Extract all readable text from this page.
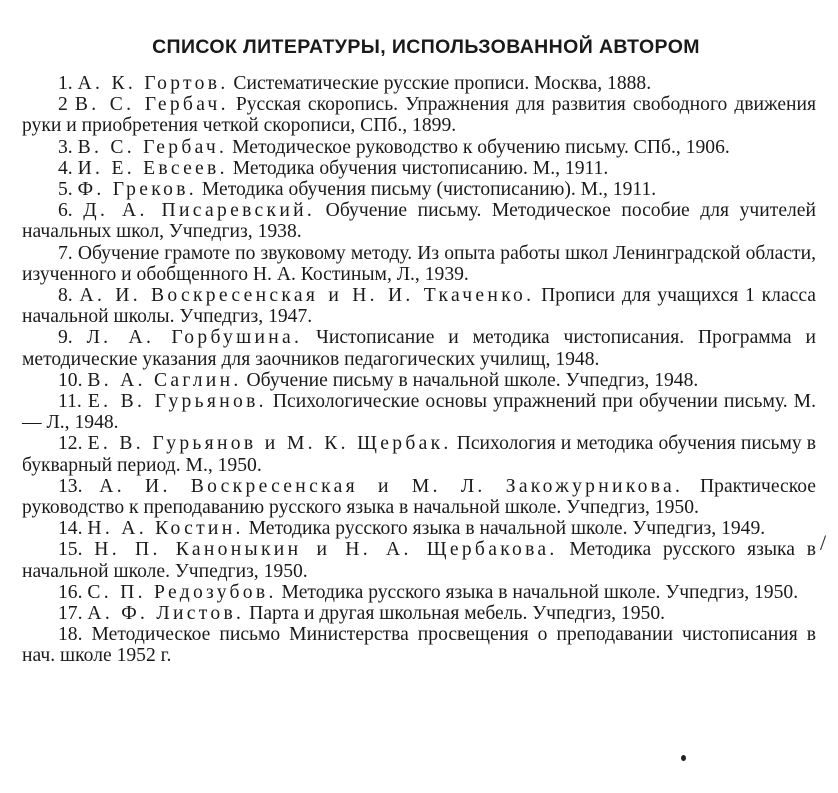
СПИСОК ЛИТЕРАТУРЫ, ИСПОЛЬЗОВАННОЙ АВТОРОМ
1. А. К. Гортов. Систематические русские прописи. Москва, 1888.
2 В. С. Гербач. Русская скоропись. Упражнения для развития свободного движения руки и приобретения четкой скорописи, СПб., 1899.
3. В. С. Гербач. Методическое руководство к обучению письму. СПб., 1906.
4. И. Е. Евсеев. Методика обучения чистописанию. М., 1911.
5. Ф. Греков. Методика обучения письму (чистописанию). М., 1911.
6. Д. А. Писаревский. Обучение письму. Методическое пособие для учителей начальных школ, Учпедгиз, 1938.
7. Обучение грамоте по звуковому методу. Из опыта работы школ Ленинградской области, изученного и обобщенного Н. А. Костиным, Л., 1939.
8. А. И. Воскресенская и Н. И. Ткаченко. Прописи для учащихся 1 класса начальной школы. Учпедгиз, 1947.
9. Л. А. Горбушина. Чистописание и методика чистописания. Программа и методические указания для заочников педагогических училищ, 1948.
10. В. А. Саглин. Обучение письму в начальной школе. Учпедгиз, 1948.
11. Е. В. Гурьянов. Психологические основы упражнений при обучении письму. М. — Л., 1948.
12. Е. В. Гурьянов и М. К. Щербак. Психология и методика обучения письму в букварный период. М., 1950.
13. А. И. Воскресенская и М. Л. Закожурникова. Практическое руководство к преподаванию русского языка в начальной школе. Учпедгиз, 1950.
14. Н. А. Костин. Методика русского языка в начальной школе. Учпедгиз, 1949.
15. Н. П. Каноныкин и Н. А. Щербакова. Методика русского языка в начальной школе. Учпедгиз, 1950.
16. С. П. Редозубов. Методика русского языка в начальной школе. Учпедгиз, 1950.
17. А. Ф. Листов. Парта и другая школьная мебель. Учпедгиз, 1950.
18. Методическое письмо Министерства просвещения о преподавании чистописания в нач. школе 1952 г.
/
